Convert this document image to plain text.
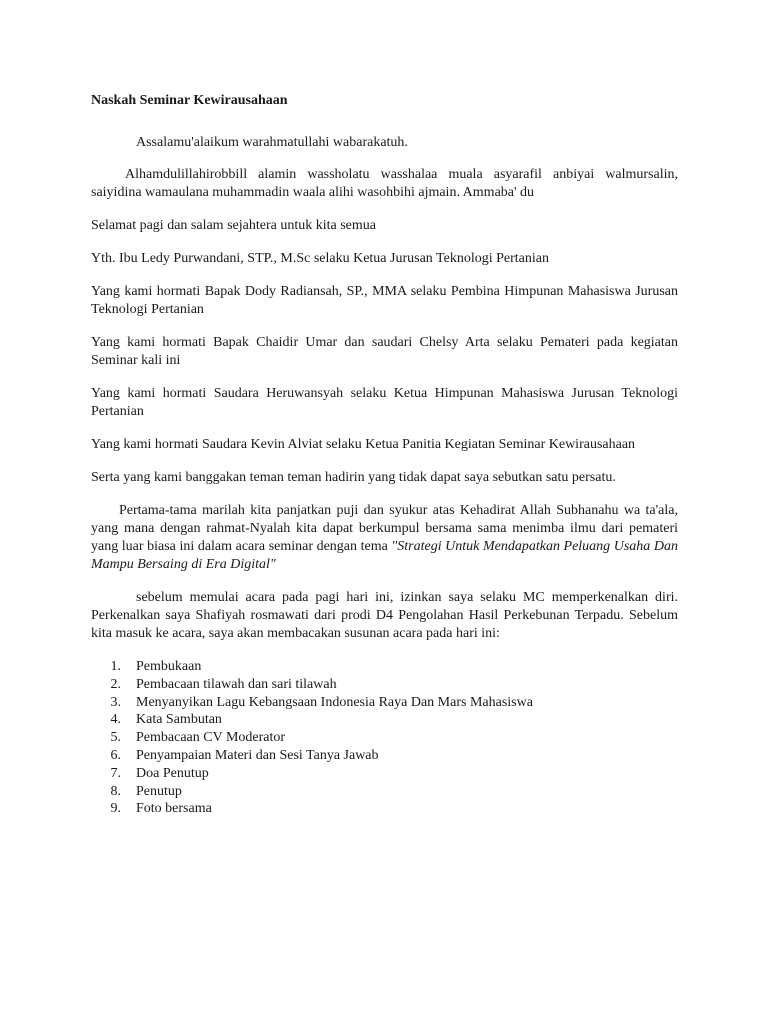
Naskah Seminar Kewirausahaan

Assalamu'alaikum warahmatullahi wabarakatuh.

Alhamdulillahirobbill alamin wassholatu wasshalaa muala asyarafil anbiyai walmursalin, saiyidina wamaulana muhammadin waala alihi wasohbihi ajmain. Ammaba' du

Selamat pagi dan salam sejahtera untuk kita semua

Yth. Ibu Ledy Purwandani, STP., M.Sc selaku Ketua Jurusan Teknologi Pertanian

Yang kami hormati Bapak Dody Radiansah, SP., MMA selaku Pembina Himpunan Mahasiswa Jurusan Teknologi Pertanian

Yang kami hormati Bapak Chaidir Umar dan saudari Chelsy Arta selaku Pemateri pada kegiatan Seminar kali ini

Yang kami hormati Saudara Heruwansyah selaku Ketua Himpunan Mahasiswa Jurusan Teknologi Pertanian

Yang kami hormati Saudara Kevin Alviat selaku Ketua Panitia Kegiatan Seminar Kewirausahaan

Serta yang kami banggakan teman teman hadirin yang tidak dapat saya sebutkan satu persatu.

Pertama-tama marilah kita panjatkan puji dan syukur atas Kehadirat Allah Subhanahu wa ta'ala, yang mana dengan rahmat-Nyalah kita dapat berkumpul bersama sama menimba ilmu dari pemateri yang luar biasa ini dalam acara seminar dengan tema "Strategi Untuk Mendapatkan Peluang Usaha Dan Mampu Bersaing di Era Digital"

sebelum memulai acara pada pagi hari ini, izinkan saya selaku MC memperkenalkan diri. Perkenalkan saya Shafiyah rosmawati dari prodi D4 Pengolahan Hasil Perkebunan Terpadu. Sebelum kita masuk ke acara, saya akan membacakan susunan acara pada hari ini:

1.	Pembukaan
2.	Pembacaan tilawah dan sari tilawah
3.	Menyanyikan Lagu Kebangsaan Indonesia Raya Dan Mars Mahasiswa
4.	Kata Sambutan
5.	Pembacaan CV Moderator
6.	Penyampaian Materi dan Sesi Tanya Jawab
7.	Doa Penutup
8.	Penutup
9.	Foto bersama
